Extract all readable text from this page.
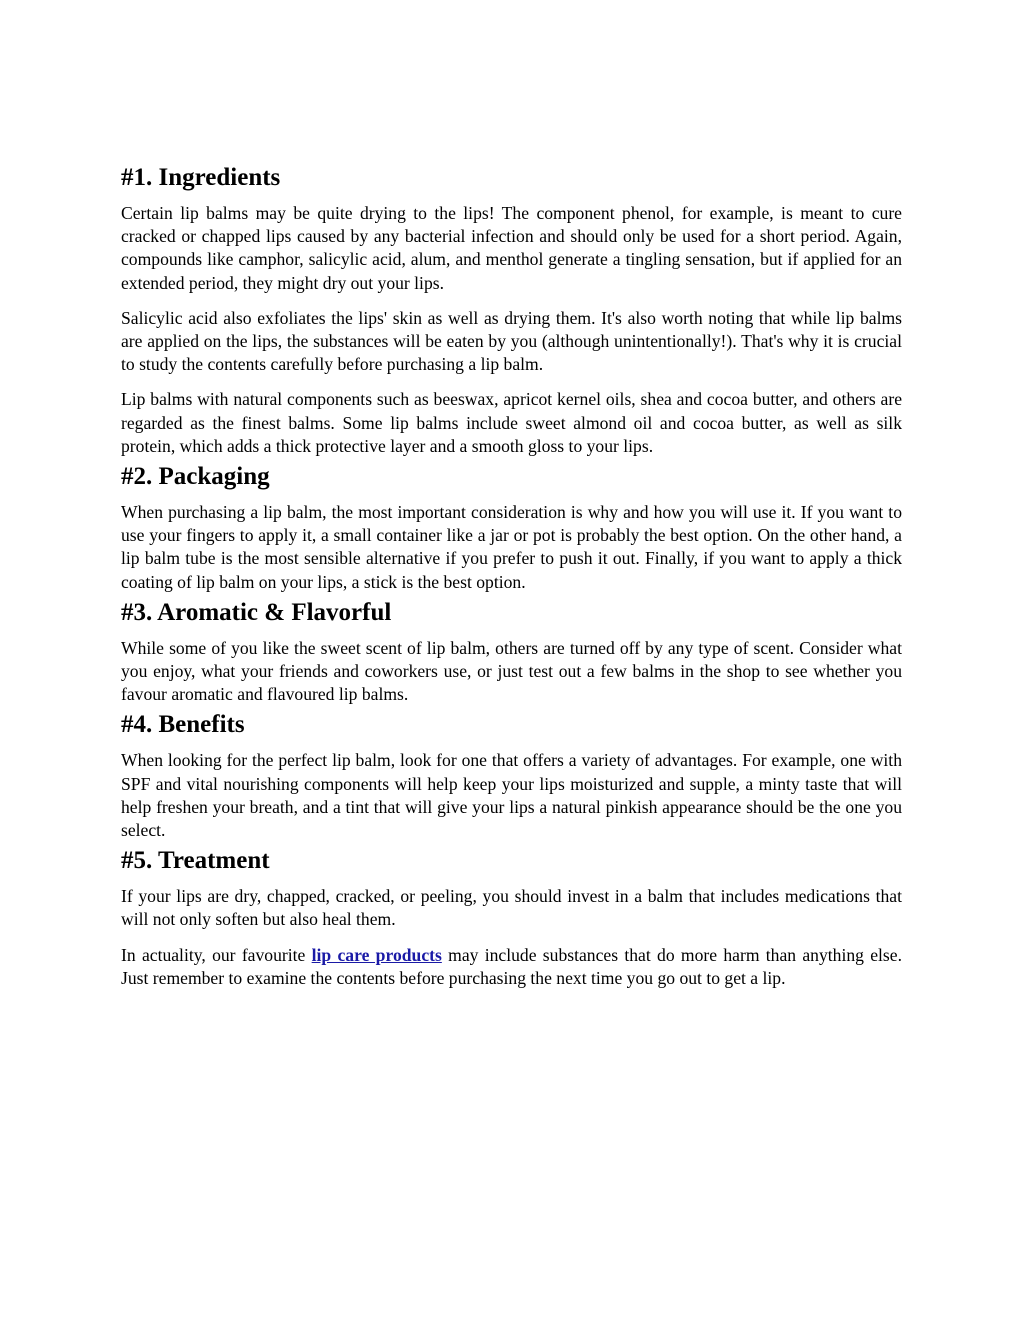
#1. Ingredients

Certain lip balms may be quite drying to the lips! The component phenol, for example, is meant to cure cracked or chapped lips caused by any bacterial infection and should only be used for a short period. Again, compounds like camphor, salicylic acid, alum, and menthol generate a tingling sensation, but if applied for an extended period, they might dry out your lips.

Salicylic acid also exfoliates the lips' skin as well as drying them. It's also worth noting that while lip balms are applied on the lips, the substances will be eaten by you (although unintentionally!). That's why it is crucial to study the contents carefully before purchasing a lip balm.

Lip balms with natural components such as beeswax, apricot kernel oils, shea and cocoa butter, and others are regarded as the finest balms. Some lip balms include sweet almond oil and cocoa butter, as well as silk protein, which adds a thick protective layer and a smooth gloss to your lips.

#2. Packaging

When purchasing a lip balm, the most important consideration is why and how you will use it. If you want to use your fingers to apply it, a small container like a jar or pot is probably the best option. On the other hand, a lip balm tube is the most sensible alternative if you prefer to push it out. Finally, if you want to apply a thick coating of lip balm on your lips, a stick is the best option.

#3. Aromatic & Flavorful

While some of you like the sweet scent of lip balm, others are turned off by any type of scent. Consider what you enjoy, what your friends and coworkers use, or just test out a few balms in the shop to see whether you favour aromatic and flavoured lip balms.

#4. Benefits

When looking for the perfect lip balm, look for one that offers a variety of advantages. For example, one with SPF and vital nourishing components will help keep your lips moisturized and supple, a minty taste that will help freshen your breath, and a tint that will give your lips a natural pinkish appearance should be the one you select.

#5. Treatment

If your lips are dry, chapped, cracked, or peeling, you should invest in a balm that includes medications that will not only soften but also heal them.

In actuality, our favourite lip care products may include substances that do more harm than anything else. Just remember to examine the contents before purchasing the next time you go out to get a lip.
